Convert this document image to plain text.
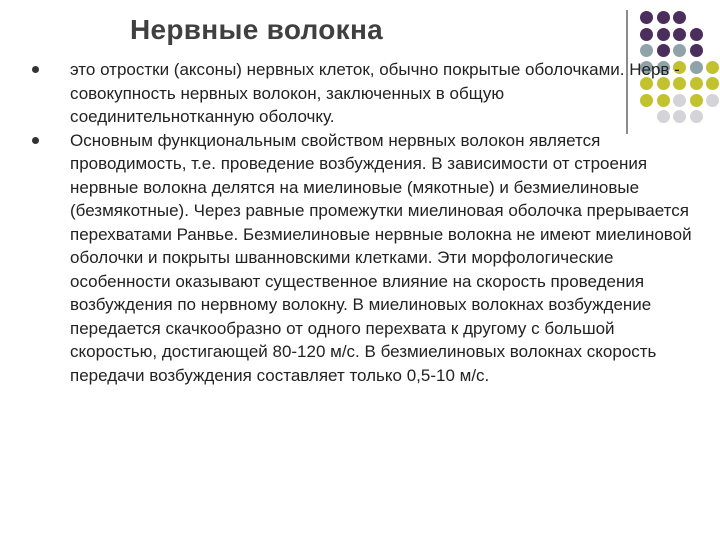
Нервные волокна
это отростки (аксоны) нервных клеток, обычно покрытые оболочками. Нерв - совокупность нервных волокон, заключенных в общую соединительнотканную оболочку.
Основным функциональным свойством нервных волокон является проводимость, т.е. проведение возбуждения. В зависимости от строения нервные волокна делятся на миелиновые (мякотные) и безмиелиновые (безмякотные). Через равные промежутки миелиновая оболочка прерывается перехватами Ранвье. Безмиелиновые нервные волокна не имеют миелиновой оболочки и покрыты шванновскими клетками. Эти морфологические особенности оказывают существенное влияние на скорость проведения возбуждения по нервному волокну. В миелиновых волокнах возбуждение передается скачкообразно от одного перехвата к другому с большой скоростью, достигающей 80-120 м/с. В безмиелиновых волокнах скорость передачи возбуждения составляет только 0,5-10 м/с.
